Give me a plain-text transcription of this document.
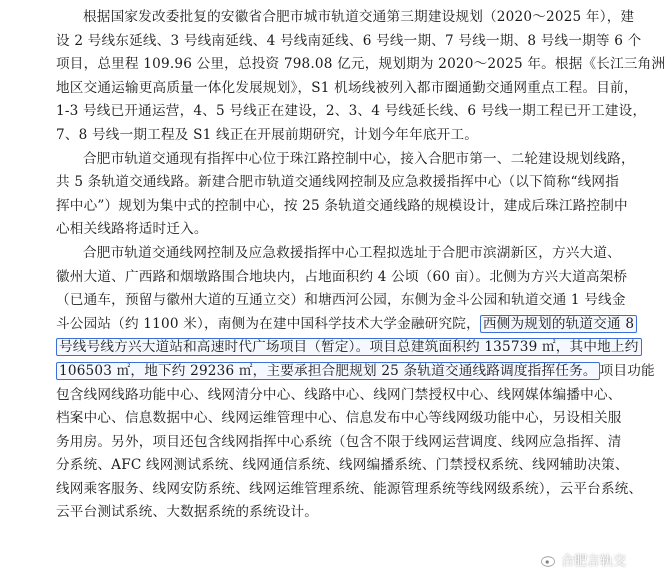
根据国家发改委批复的安徽省合肥市城市轨道交通第三期建设规划（2020～2025 年），建
设 2 号线东延线、3 号线南延线、4 号线南延线、6 号线一期、7 号线一期、8 号线一期等 6 个
项目，总里程 109.96 公里，总投资 798.08 亿元，规划期为 2020～2025 年。根据《长江三角洲
地区交通运输更高质量一体化发展规划》，S1 机场线被列入都市圈通勤交通网重点工程。目前，
1-3 号线已开通运营，4、5 号线正在建设，2、3、4 号线延长线、6 号线一期工程已开工建设，
7、8 号线一期工程及 S1 线正在开展前期研究，计划今年年底开工。
合肥市轨道交通现有指挥中心位于珠江路控制中心，接入合肥市第一、二轮建设规划线路，
共 5 条轨道交通线路。新建合肥市轨道交通线网控制及应急救援指挥中心（以下简称“线网指
挥中心”）规划为集中式的控制中心，按 25 条轨道交通线路的规模设计，建成后珠江路控制中
心相关线路将适时迁入。
合肥市轨道交通线网控制及应急救援指挥中心工程拟选址于合肥市滨湖新区，方兴大道、
徽州大道、广西路和烟墩路围合地块内，占地面积约 4 公顷（60 亩）。北侧为方兴大道高架桥
（已通车，预留与徽州大道的互通立交）和塘西河公园，东侧为金斗公园和轨道交通 1 号线金
斗公园站（约 1100 米），南侧为在建中国科学技术大学金融研究院， 西侧为规划的轨道交通 8
号线号线方兴大道站和高速时代广场项目（暂定）。项目总建筑面积约 135739 ㎡，其中地上约
106503 ㎡，地下约 29236 ㎡，主要承担合肥规划 25 条轨道交通线路调度指挥任务。 项目功能
包含线网线路功能中心、线网清分中心、线路中心、线网门禁授权中心、线网媒体编播中心、
档案中心、信息数据中心、线网运维管理中心、信息发布中心等线网级功能中心，另设相关服
务用房。另外，项目还包含线网指挥中心系统（包含不限于线网运营调度、线网应急指挥、清
分系统、AFC 线网测试系统、线网通信系统、线网编播系统、门禁授权系统、线网辅助决策、
线网乘客服务、线网安防系统、线网运维管理系统、能源管理系统等线网级系统），云平台系统、
云平台测试系统、大数据系统的系统设计。
合肥言轨交
